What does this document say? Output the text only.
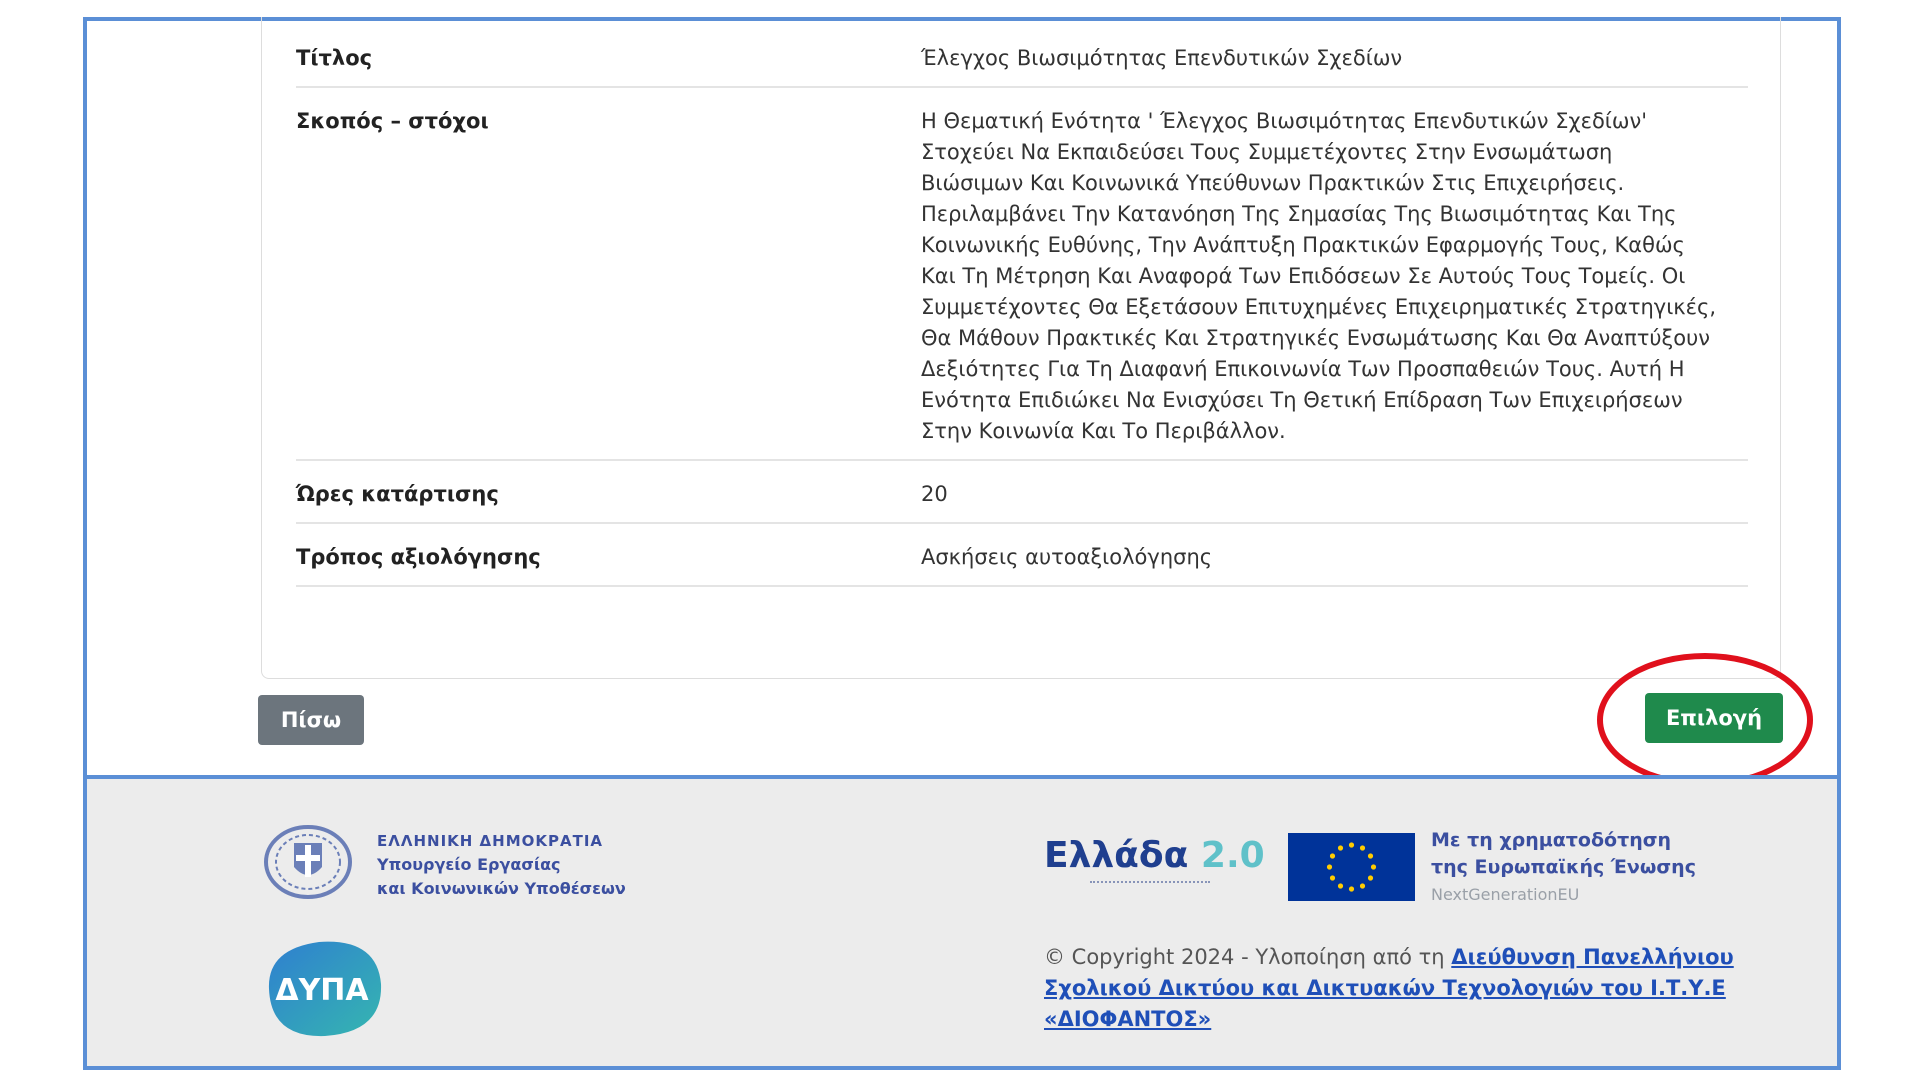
Τίτλος	Έλεγχος Βιωσιμότητας Επενδυτικών Σχεδίων
Σκοπός – στόχοι	Η Θεματική Ενότητα ' Έλεγχος Βιωσιμότητας Επενδυτικών Σχεδίων' Στοχεύει Να Εκπαιδεύσει Τους Συμμετέχοντες Στην Ενσωμάτωση Βιώσιμων Και Κοινωνικά Υπεύθυνων Πρακτικών Στις Επιχειρήσεις. Περιλαμβάνει Την Κατανόηση Της Σημασίας Της Βιωσιμότητας Και Της Κοινωνικής Ευθύνης, Την Ανάπτυξη Πρακτικών Εφαρμογής Τους, Καθώς Και Τη Μέτρηση Και Αναφορά Των Επιδόσεων Σε Αυτούς Τους Τομείς. Οι Συμμετέχοντες Θα Εξετάσουν Επιτυχημένες Επιχειρηματικές Στρατηγικές, Θα Μάθουν Πρακτικές Και Στρατηγικές Ενσωμάτωσης Και Θα Αναπτύξουν Δεξιότητες Για Τη Διαφανή Επικοινωνία Των Προσπαθειών Τους. Αυτή Η Ενότητα Επιδιώκει Να Ενισχύσει Τη Θετική Επίδραση Των Επιχειρήσεων Στην Κοινωνία Και Το Περιβάλλον.
Ώρες κατάρτισης	20
Τρόπος αξιολόγησης	Ασκήσεις αυτοαξιολόγησης
Πίσω	Επιλογή
ΕΛΛΗΝΙΚΗ ΔΗΜΟΚΡΑΤΙΑ
Υπουργείο Εργασίας
και Κοινωνικών Υποθέσεων
ΔΥΠΑ
Ελλάδα 2.0	Με τη χρηματοδότηση
της Ευρωπαϊκής Ένωσης
NextGenerationEU
© Copyright 2024 - Υλοποίηση από τη Διεύθυνση Πανελλήνιου Σχολικού Δικτύου και Δικτυακών Τεχνολογιών του Ι.Τ.Υ.Ε «ΔΙΟΦΑΝΤΟΣ»
